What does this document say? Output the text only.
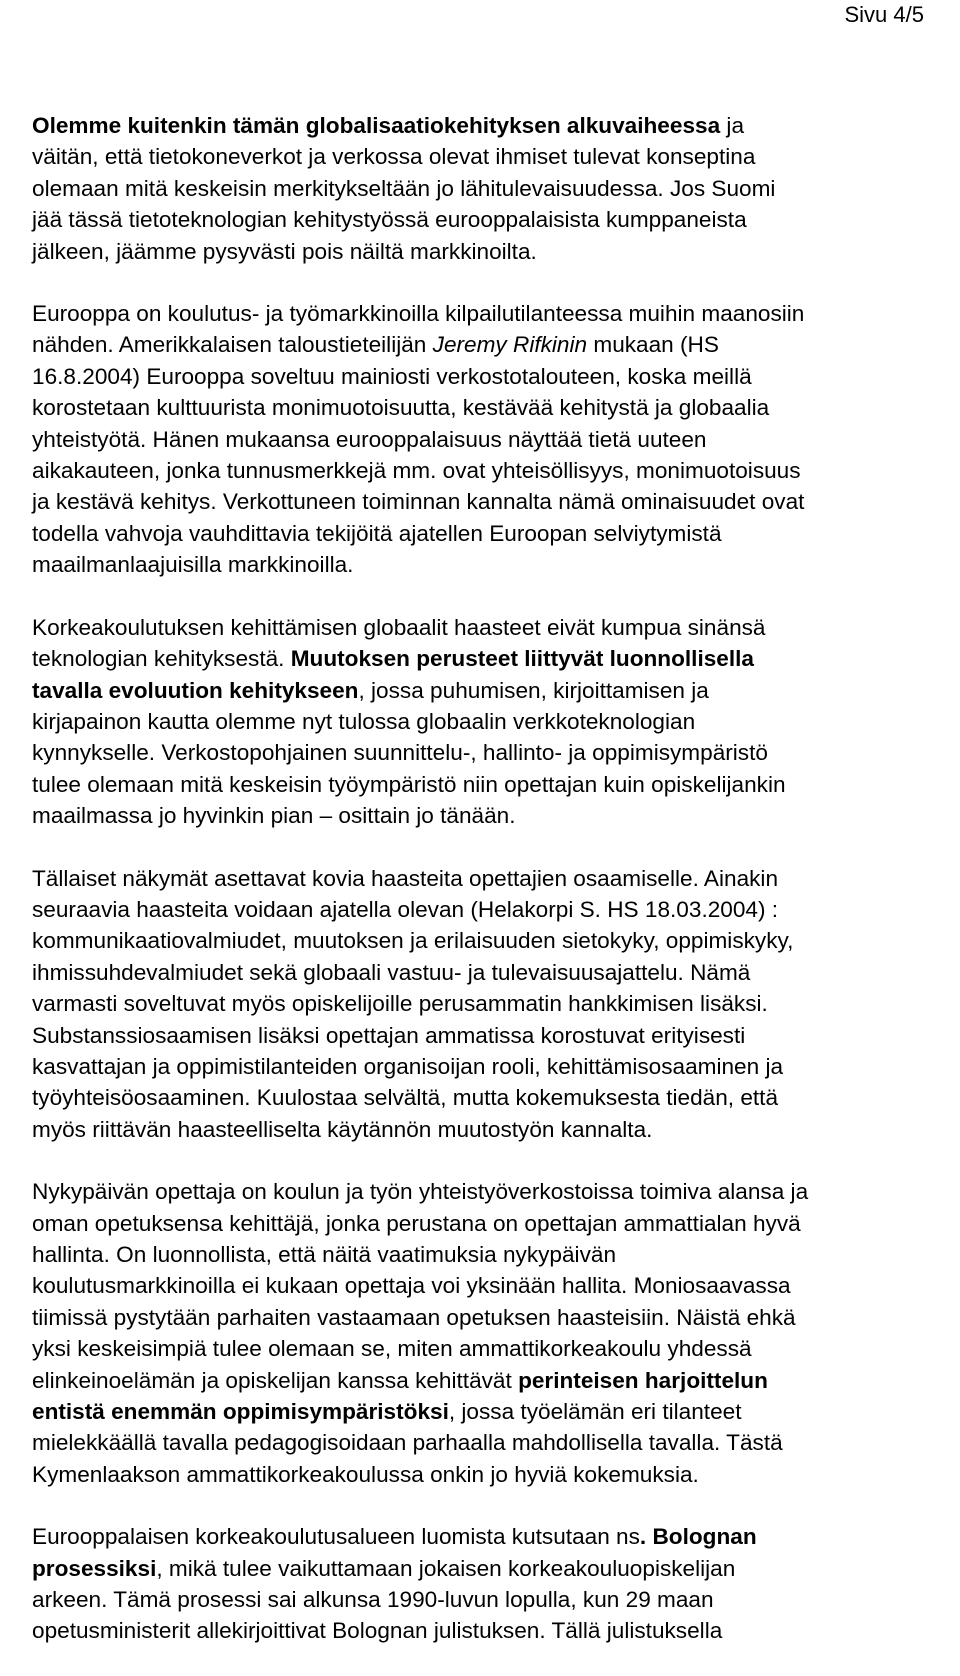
Sivu 4/5

Olemme kuitenkin tämän globalisaatiokehityksen alkuvaiheessa ja
väitän, että tietokoneverkot ja verkossa olevat ihmiset tulevat konseptina
olemaan mitä keskeisin merkitykseltään jo lähitulevaisuudessa. Jos Suomi
jää tässä tietoteknologian kehitystyössä eurooppalaisista kumppaneista
jälkeen, jäämme pysyvästi pois näiltä markkinoilta.

Eurooppa on koulutus- ja työmarkkinoilla kilpailutilanteessa muihin maanosiin
nähden. Amerikkalaisen taloustieteilijän Jeremy Rifkinin mukaan (HS
16.8.2004) Eurooppa soveltuu mainiosti verkostotalouteen, koska meillä
korostetaan kulttuurista monimuotoisuutta, kestävää kehitystä ja globaalia
yhteistyötä. Hänen mukaansa eurooppalaisuus näyttää tietä uuteen
aikakauteen, jonka tunnusmerkkejä mm. ovat yhteisöllisyys, monimuotoisuus
ja kestävä kehitys. Verkottuneen toiminnan kannalta nämä ominaisuudet ovat
todella vahvoja vauhdittavia tekijöitä ajatellen Euroopan selviytymistä
maailmanlaajuisilla markkinoilla.

Korkeakoulutuksen kehittämisen globaalit haasteet eivät kumpua sinänsä
teknologian kehityksestä. Muutoksen perusteet liittyvät luonnollisella
tavalla evoluution kehitykseen, jossa puhumisen, kirjoittamisen ja
kirjapainon kautta olemme nyt tulossa globaalin verkkoteknologian
kynnykselle. Verkostopohjainen suunnittelu-, hallinto- ja oppimisympäristö
tulee olemaan mitä keskeisin työympäristö niin opettajan kuin opiskelijankin
maailmassa jo hyvinkin pian – osittain jo tänään.

Tällaiset näkymät asettavat kovia haasteita opettajien osaamiselle. Ainakin
seuraavia haasteita voidaan ajatella olevan (Helakorpi S. HS 18.03.2004) :
kommunikaatiovalmiudet, muutoksen ja erilaisuuden sietokyky, oppimiskyky,
ihmissuhdevalmiudet sekä globaali vastuu- ja tulevaisuusajattelu. Nämä
varmasti soveltuvat myös opiskelijoille perusammatin hankkimisen lisäksi.
Substanssiosaamisen lisäksi opettajan ammatissa korostuvat erityisesti
kasvattajan ja oppimistilanteiden organisoijan rooli, kehittämisosaaminen ja
työyhteisöosaaminen. Kuulostaa selvältä, mutta kokemuksesta tiedän, että
myös riittävän haasteelliselta käytännön muutostyön kannalta.

Nykypäivän opettaja on koulun ja työn yhteistyöverkostoissa toimiva alansa ja
oman opetuksensa kehittäjä, jonka perustana on opettajan ammattialan hyvä
hallinta. On luonnollista, että näitä vaatimuksia nykypäivän
koulutusmarkkinoilla ei kukaan opettaja voi yksinään hallita. Moniosaavassa
tiimissä pystytään parhaiten vastaamaan opetuksen haasteisiin. Näistä ehkä
yksi keskeisimpiä tulee olemaan se, miten ammattikorkeakoulu yhdessä
elinkeinoelämän ja opiskelijan kanssa kehittävät perinteisen harjoittelun
entistä enemmän oppimisympäristöksi, jossa työelämän eri tilanteet
mielekkäällä tavalla pedagogisoidaan parhaalla mahdollisella tavalla. Tästä
Kymenlaakson ammattikorkeakoulussa onkin jo hyviä kokemuksia.

Eurooppalaisen korkeakoulutusalueen luomista kutsutaan ns. Bolognan
prosessiksi, mikä tulee vaikuttamaan jokaisen korkeakouluopiskelijan
arkeen. Tämä prosessi sai alkunsa 1990-luvun lopulla, kun 29 maan
opetusministerit allekirjoittivat Bolognan julistuksen. Tällä julistuksella
